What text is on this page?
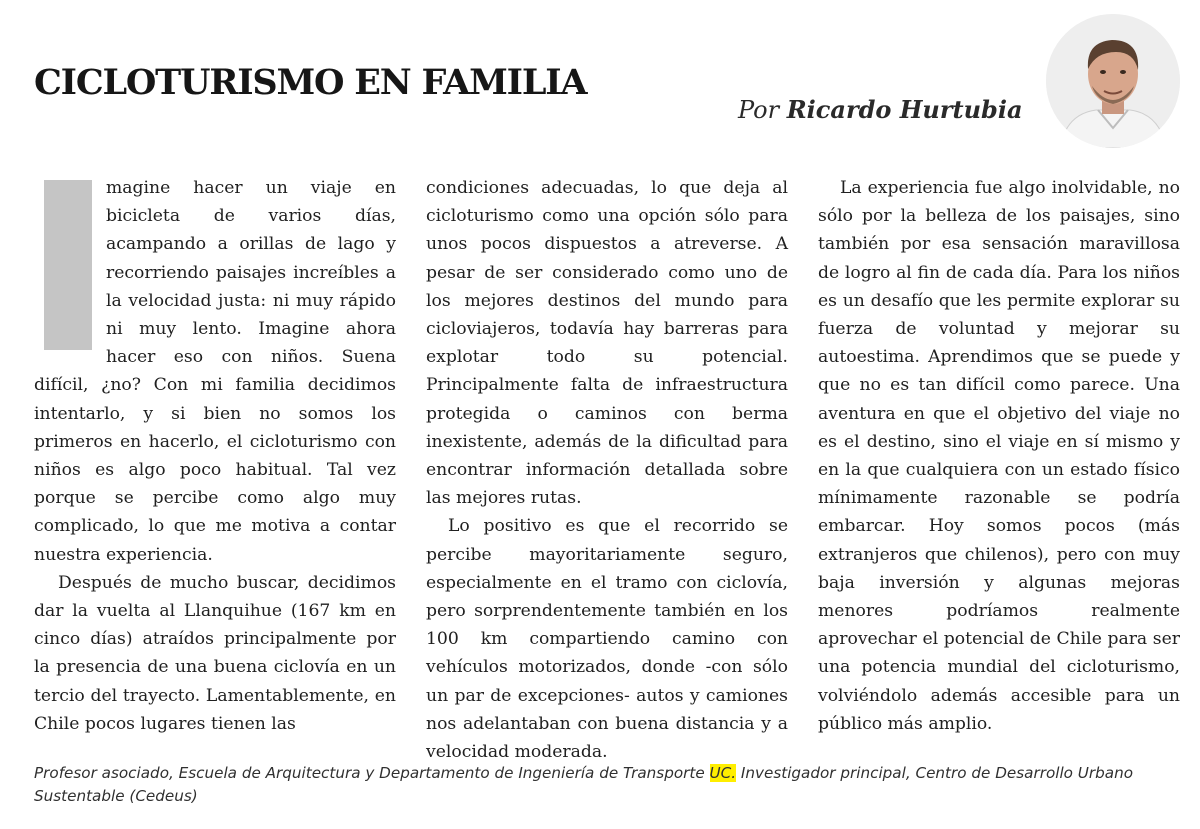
CICLOTURISMO EN FAMILIA
Por Ricardo Hurtubia

magine hacer un viaje en bicicleta de varios días, acampando a orillas de lago y recorriendo paisajes increíbles a la velocidad justa: ni muy rápido ni muy lento. Imagine ahora hacer eso con niños. Suena difícil, ¿no? Con mi familia decidimos intentarlo, y si bien no somos los primeros en hacerlo, el cicloturismo con niños es algo poco habitual. Tal vez porque se percibe como algo muy complicado, lo que me motiva a contar nuestra experiencia.

Después de mucho buscar, decidimos dar la vuelta al Llanquihue (167 km en cinco días) atraídos principalmente por la presencia de una buena ciclovía en un tercio del trayecto. Lamentablemente, en Chile pocos lugares tienen las

condiciones adecuadas, lo que deja al cicloturismo como una opción sólo para unos pocos dispuestos a atreverse. A pesar de ser considerado como uno de los mejores destinos del mundo para cicloviajeros, todavía hay barreras para explotar todo su potencial. Principalmente falta de infraestructura protegida o caminos con berma inexistente, además de la dificultad para encontrar información detallada sobre las mejores rutas.

Lo positivo es que el recorrido se percibe mayoritariamente seguro, especialmente en el tramo con ciclovía, pero sorprendentemente también en los 100 km compartiendo camino con vehículos motorizados, donde -con sólo un par de excepciones- autos y camiones nos adelantaban con buena distancia y a velocidad moderada.

La experiencia fue algo inolvidable, no sólo por la belleza de los paisajes, sino también por esa sensación maravillosa de logro al fin de cada día. Para los niños es un desafío que les permite explorar su fuerza de voluntad y mejorar su autoestima. Aprendimos que se puede y que no es tan difícil como parece. Una aventura en que el objetivo del viaje no es el destino, sino el viaje en sí mismo y en la que cualquiera con un estado físico mínimamente razonable se podría embarcar. Hoy somos pocos (más extranjeros que chilenos), pero con muy baja inversión y algunas mejoras menores podríamos realmente aprovechar el potencial de Chile para ser una potencia mundial del cicloturismo, volviéndolo además accesible para un público más amplio.

Profesor asociado, Escuela de Arquitectura y Departamento de Ingeniería de Transporte UC. Investigador principal, Centro de Desarrollo Urbano Sustentable (Cedeus)
